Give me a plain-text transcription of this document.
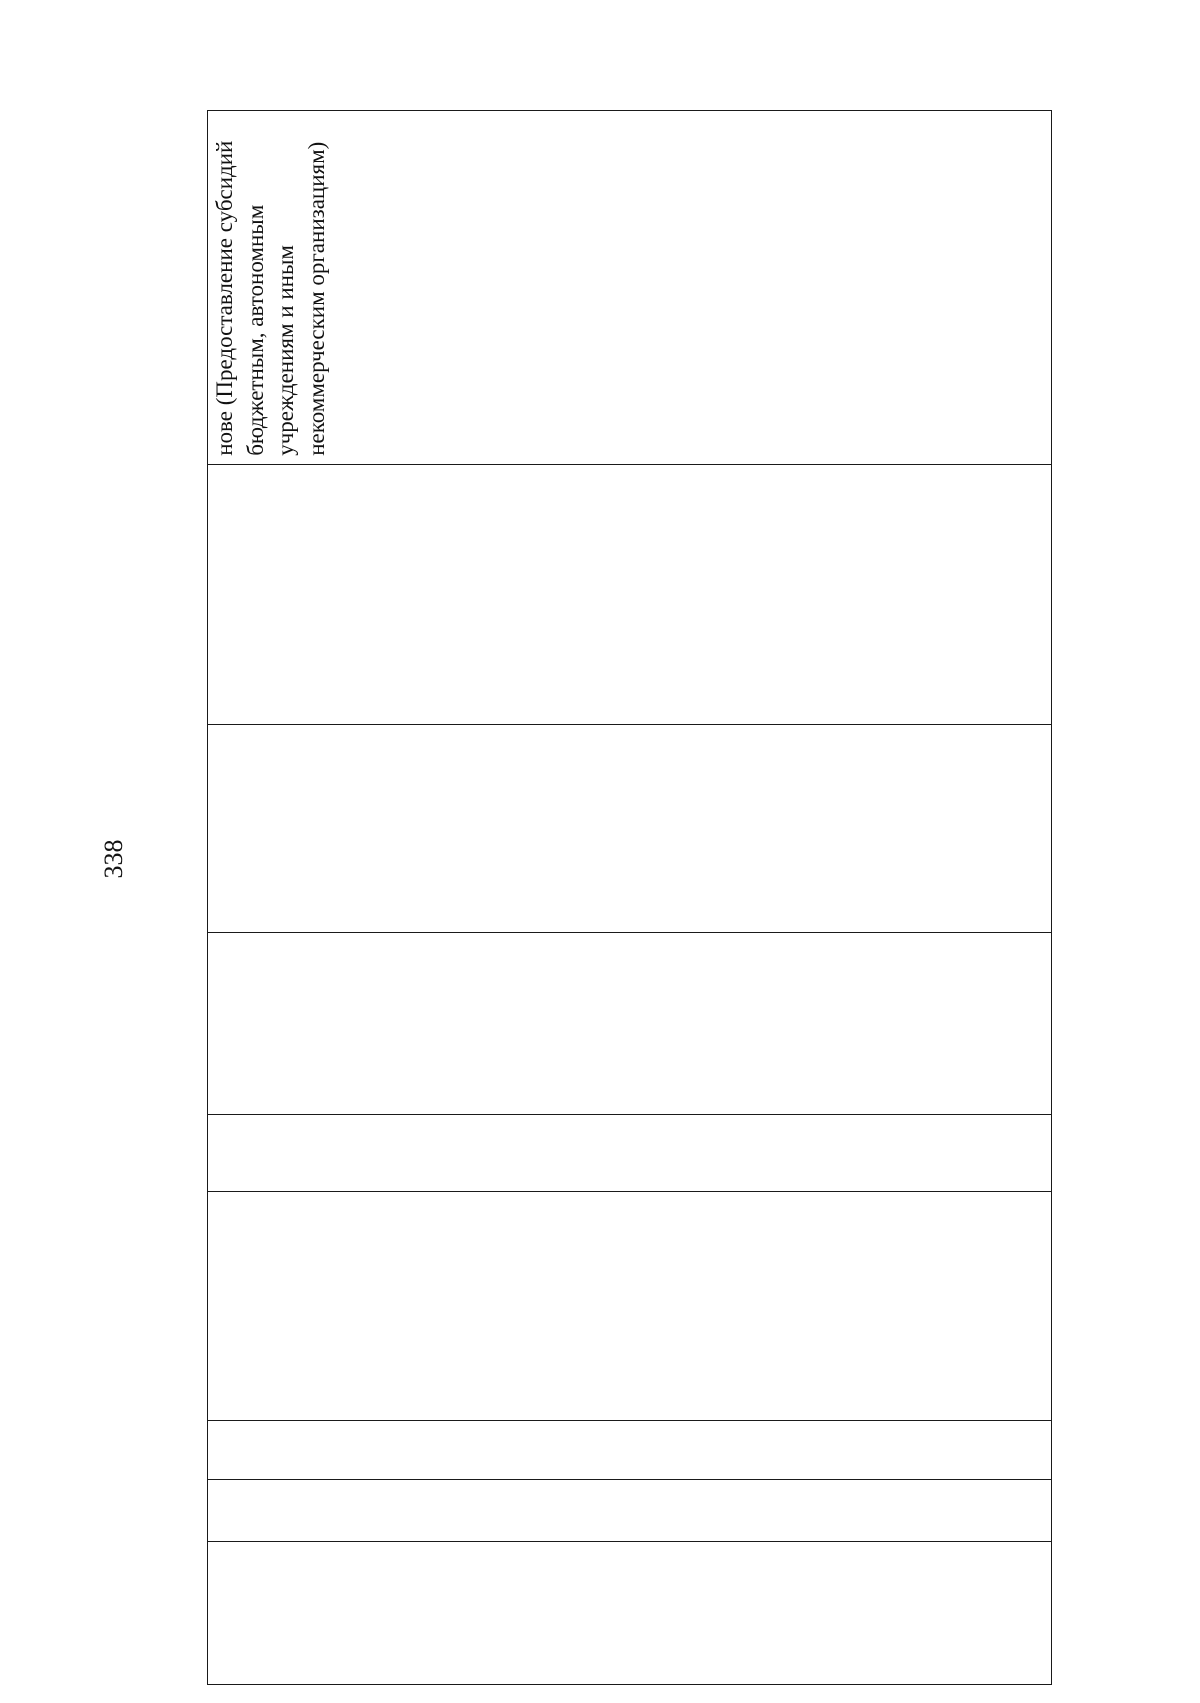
338
								нове (Предоставление субсидий бюджетным, автономным учреждениям и иным некоммерческим организациям)
